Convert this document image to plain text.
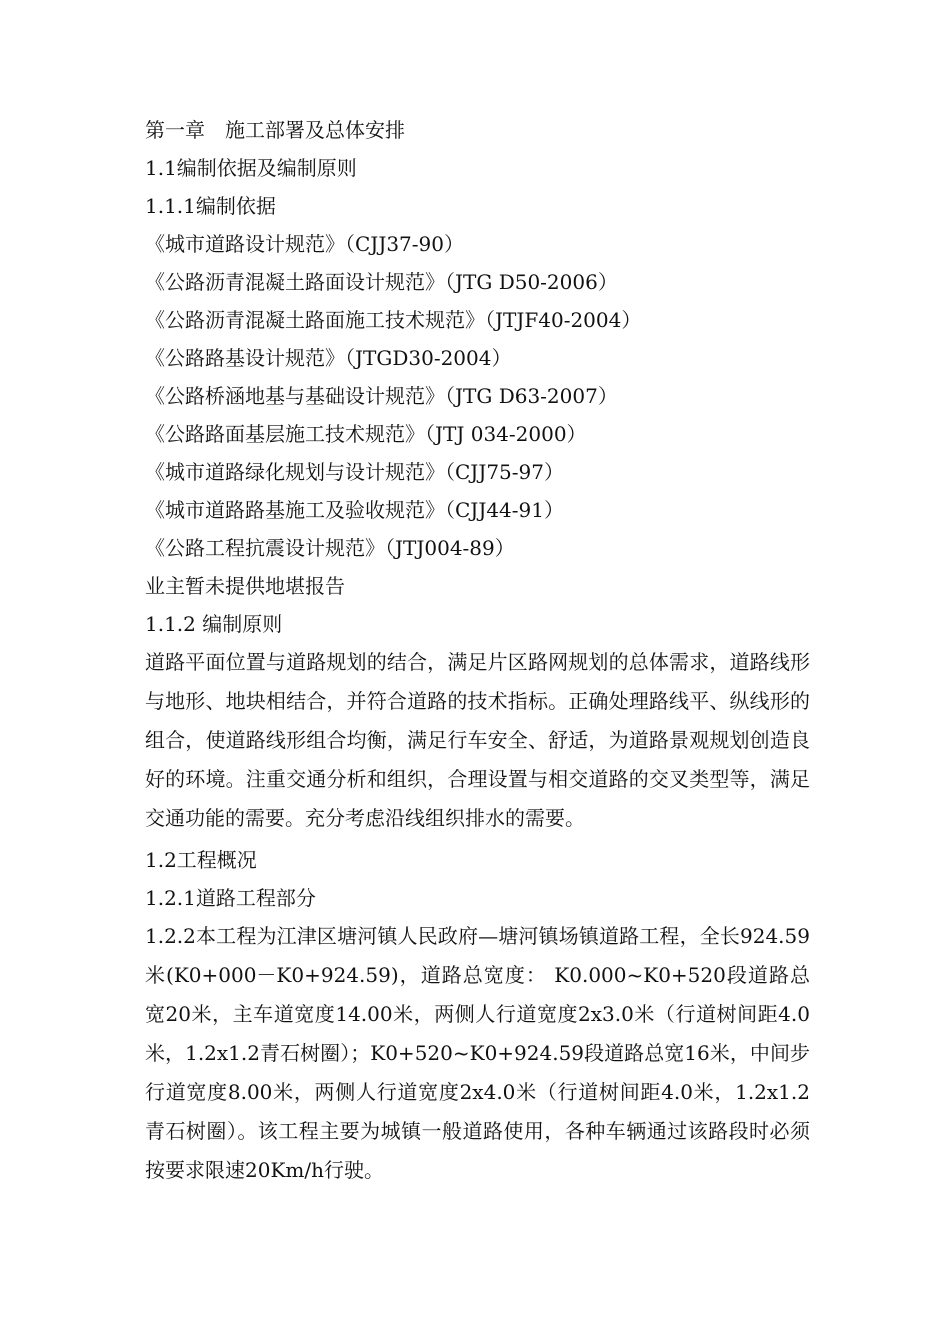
第一章　施工部署及总体安排
1.1编制依据及编制原则
1.1.1编制依据
《城市道路设计规范》（CJJ37-90）
《公路沥青混凝土路面设计规范》（JTG D50-2006）
《公路沥青混凝土路面施工技术规范》（JTJF40-2004）
《公路路基设计规范》（JTGD30-2004）
《公路桥涵地基与基础设计规范》（JTG D63-2007）
《公路路面基层施工技术规范》（JTJ 034-2000）
《城市道路绿化规划与设计规范》（CJJ75-97）
《城市道路路基施工及验收规范》（CJJ44-91）
《公路工程抗震设计规范》（JTJ004-89）
业主暂未提供地堪报告
1.1.2 编制原则
道路平面位置与道路规划的结合，满足片区路网规划的总体需求，道路线形与地形、地块相结合，并符合道路的技术指标。正确处理路线平、纵线形的组合，使道路线形组合均衡，满足行车安全、舒适，为道路景观规划创造良好的环境。注重交通分析和组织，合理设置与相交道路的交叉类型等，满足交通功能的需要。充分考虑沿线组织排水的需要。
1.2工程概况
1.2.1道路工程部分
1.2.2本工程为江津区塘河镇人民政府—塘河镇场镇道路工程，全长924.59米(K0+000－K0+924.59)，道路总宽度： K0.000~K0+520段道路总宽20米，主车道宽度14.00米，两侧人行道宽度2x3.0米（行道树间距4.0米，1.2x1.2青石树圈）；K0+520~K0+924.59段道路总宽16米，中间步行道宽度8.00米，两侧人行道宽度2x4.0米（行道树间距4.0米，1.2x1.2青石树圈）。该工程主要为城镇一般道路使用，各种车辆通过该路段时必须按要求限速20Km/h行驶。
